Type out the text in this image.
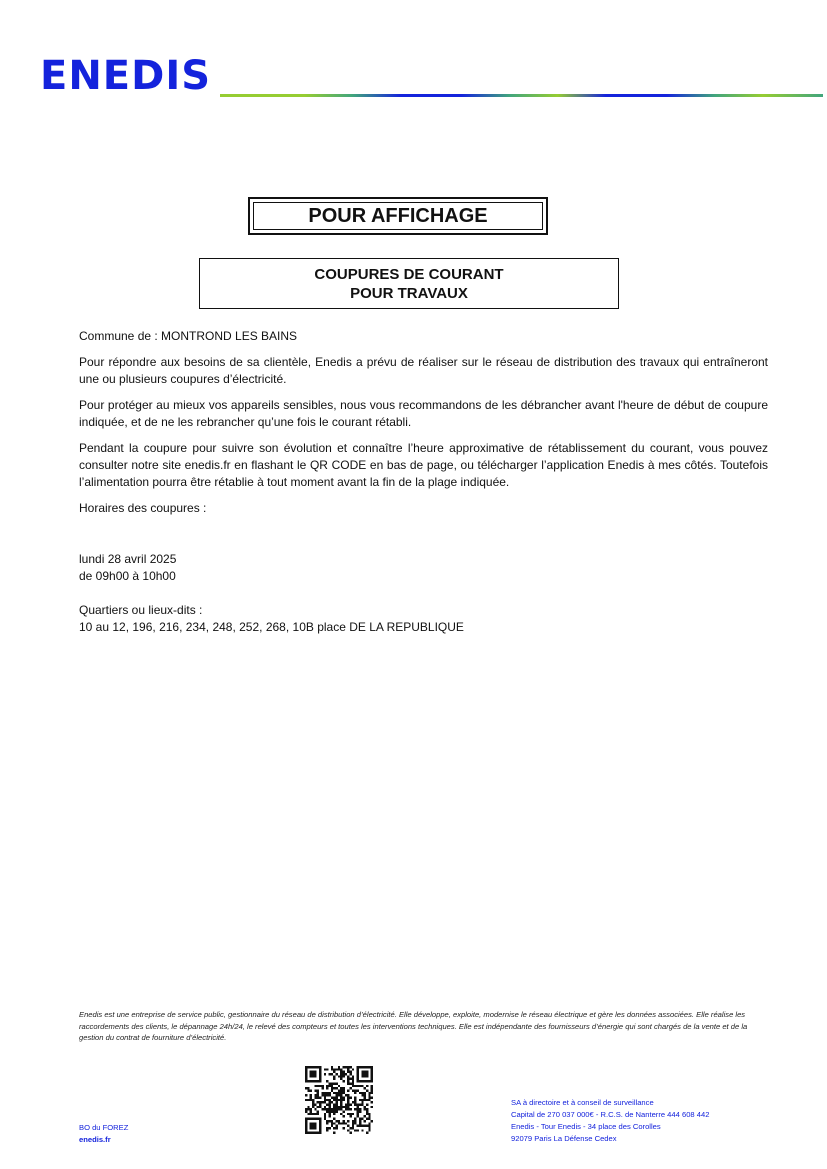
ENEDIS
POUR AFFICHAGE
COUPURES DE COURANT
POUR TRAVAUX

Commune de : MONTROND LES BAINS

Pour répondre aux besoins de sa clientèle, Enedis a prévu de réaliser sur le réseau de distribution des travaux qui entraîneront une ou plusieurs coupures d’électricité.

Pour protéger au mieux vos appareils sensibles, nous vous recommandons de les débrancher avant l'heure de début de coupure indiquée, et de ne les rebrancher qu’une fois le courant rétabli.

Pendant la coupure pour suivre son évolution et connaître l’heure approximative de rétablissement du courant, vous pouvez consulter notre site enedis.fr en flashant le QR CODE en bas de page, ou télécharger l’application Enedis à mes côtés. Toutefois l’alimentation pourra être rétablie à tout moment avant la fin de la plage indiquée.

Horaires des coupures :

lundi 28 avril 2025
de 09h00 à 10h00
Quartiers ou lieux-dits :
10 au 12, 196, 216, 234, 248, 252, 268, 10B place DE LA REPUBLIQUE
Enedis est une entreprise de service public, gestionnaire du réseau de distribution d’électricité. Elle développe, exploite, modernise le réseau électrique et gère les données associées. Elle réalise les raccordements des clients, le dépannage 24h/24, le relevé des compteurs et toutes les interventions techniques. Elle est indépendante des fournisseurs d’énergie qui sont chargés de la vente et de la gestion du contrat de fourniture d’électricité.
BO du FOREZ
enedis.fr
SA à directoire et à conseil de surveillance
Capital de 270 037 000€ - R.C.S. de Nanterre 444 608 442
Enedis - Tour Enedis - 34 place des Corolles
92079 Paris La Défense Cedex
